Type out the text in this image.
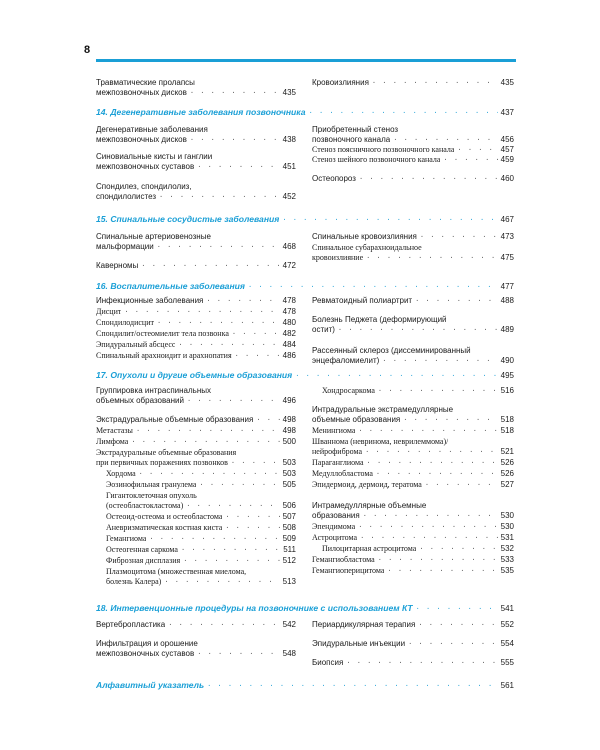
8
Травматические пролапсы
межпозвоночных дисков . . .	435
Кровоизлияния . . .	435
14. Дегенеративные заболевания позвоночника . . .	437
Дегенеративные заболевания
межпозвоночных дисков . . .	438
Синовиальные кисты и ганглии
межпозвоночных суставов . . .	451
Спондилез, спондилолиз,
спондилолистез . . .	452
Приобретенный стеноз
позвоночного канала . . .	456
Стеноз поясничного позвоночного канала . . .	457
Стеноз шейного позвоночного канала . . .	459
Остеопороз . . .	460
15. Спинальные сосудистые заболевания . . .	467
Спинальные артериовенозные
мальформации . . .	468
Каверномы . . .	472
Спинальные кровоизлияния . . .	473
Спинальное субарахноидальное
кровоизлияние . . .	475
16. Воспалительные заболевания . . .	477
Инфекционные заболевания . . .	478
Дисцит . . .	478
Спондилодисцит . . .	480
Спондилит/остеомиелит тела позвонка . . .	482
Эпидуральный абсцесс . . .	484
Спинальный арахноидит и арахнопатия . . .	486
Ревматоидный полиартрит . . .	488
Болезнь Педжета (деформирующий
остит) . . .	489
Рассеянный склероз (диссеминированный
энцефаломиелит) . . .	490
17. Опухоли и другие объемные образования . . .	495
Группировка интраспинальных
объемных образований . . .	496
Экстрадуральные объемные образования . . .	498
Метастазы . . .	498
Лимфома . . .	500
Экстрадуральные объемные образования
при первичных поражениях позвонков . . .	503
Хордома . . .	503
Эозинофильная гранулема . . .	505
Гигантоклеточная опухоль
(остеобластокластома) . . .	506
Остеоид-остеома и остеобластома . . .	507
Аневризматическая костная киста . . .	508
Гемангиома . . .	509
Остеогенная саркома . . .	511
Фиброзная дисплазия . . .	512
Плазмоцитома (множественная миелома,
болезнь Калера) . . .	513
Хондросаркома . . .	516
Интрадуральные экстрамедуллярные
объемные образования . . .	518
Менингиома . . .	518
Шваннома (невринома, неврилеммома)/
нейрофиброма . . .	521
Параганглиома . . .	526
Медуллобластома . . .	526
Эпидермоид, дермоид, тератома . . .	527
Интрамедуллярные объемные
образования . . .	530
Эпендимома . . .	530
Астроцитома . . .	531
Пилоцитарная астроцитома . . .	532
Гемангиобластома . . .	533
Гемангиоперицитома . . .	535
18. Интервенционные процедуры на позвоночнике с использованием КТ . . .	541
Вертебропластика . . .	542
Инфильтрация и орошение
межпозвоночных суставов . . .	548
Периардикулярная терапия . . .	552
Эпидуральные инъекции . . .	554
Биопсия . . .	555
Алфавитный указатель . . .	561
